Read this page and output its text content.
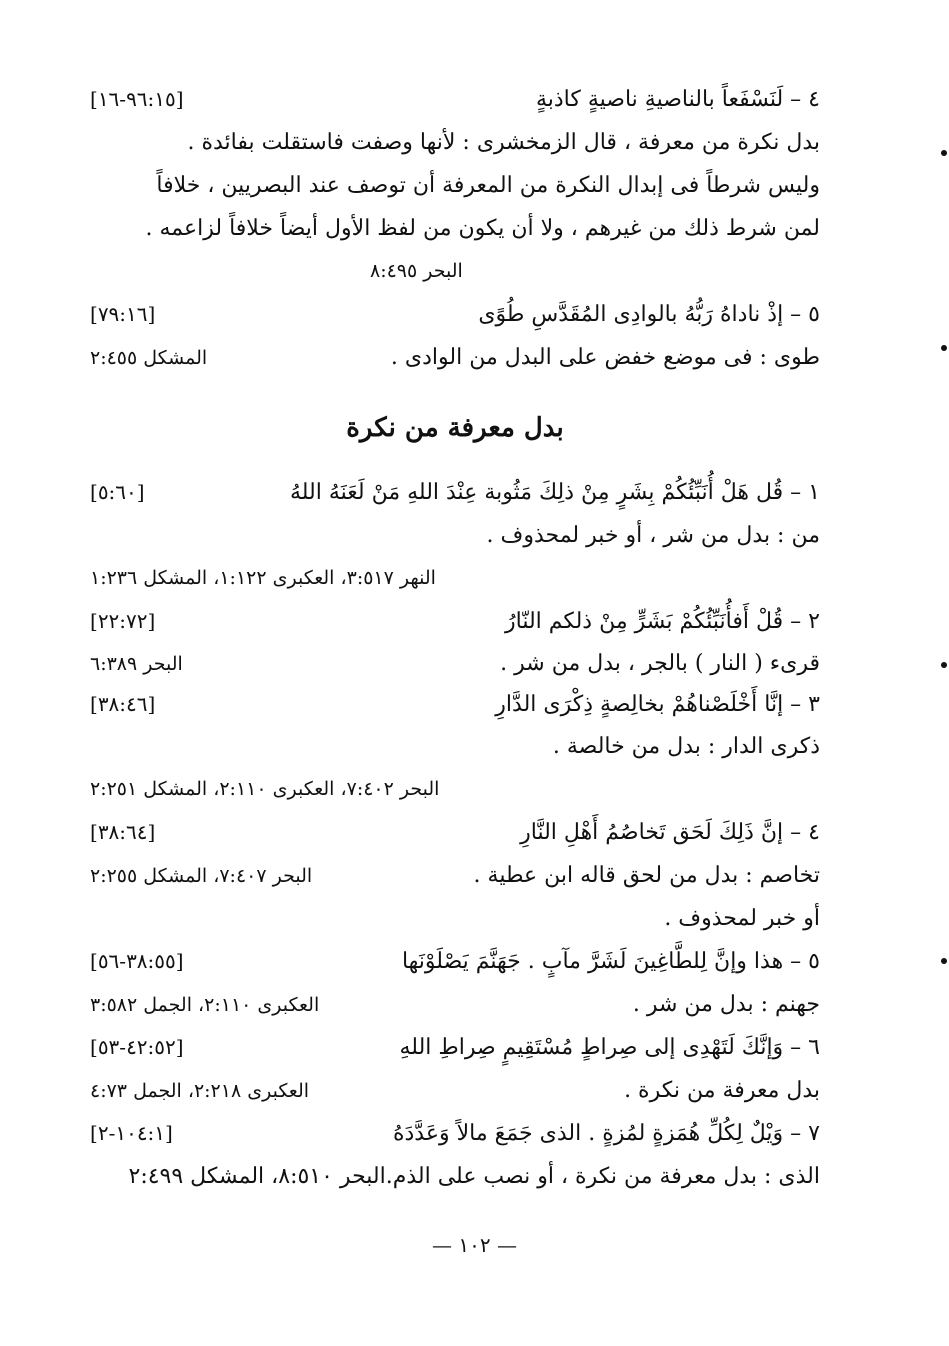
٤ – لَنَسْفَعاً بالناصيةِ ناصيةٍ كاذبةٍ
[٩٦:١٥-١٦]
بدل نكرة من معرفة ، قال الزمخشرى : لأنها وصفت فاستقلت بفائدة .
وليس شرطاً فى إبدال النكرة من المعرفة أن توصف عند البصريين ، خلافاً
لمن شرط ذلك من غيرهم ، ولا أن يكون من لفظ الأول أيضاً خلافاً لزاعمه .
البحر ٨:٤٩٥
٥ – إذْ ناداهُ رَبُّهُ بالوادِى المُقَدَّسِ طُوًى
[٧٩:١٦]
طوى : فى موضع خفض على البدل من الوادى .
المشكل ٢:٤٥٥
بدل معرفة من نكرة
١ – قُل هَلْ أُنَبِّئُكُمْ بِشَرٍ مِنْ ذلِكَ مَثُوبة عِنْدَ اللهِ مَنْ لَعَنَهُ اللهُ
[٥:٦٠]
من : بدل من شر ، أو خبر لمحذوف .
النهر ٣:٥١٧، العكبرى ١:١٢٢، المشكل ١:٢٣٦
٢ – قُلْ أَفأُنَبِّئُكُمْ بَشَرٍّ مِنْ ذلكم النّارُ
[٢٢:٧٢]
قرىء ( النار ) بالجر ، بدل من شر .
البحر ٦:٣٨٩
٣ – إنَّا أَخْلَصْناهُمْ بخالِصةٍ ذِكْرَى الدَّارِ
[٣٨:٤٦]
ذكرى الدار : بدل من خالصة .
البحر ٧:٤٠٢، العكبرى ٢:١١٠، المشكل ٢:٢٥١
٤ – إنَّ ذَلِكَ لَحَق تَخاصُمُ أَهْلِ النَّارِ
[٣٨:٦٤]
تخاصم : بدل من لحق قاله ابن عطية .
البحر ٧:٤٠٧، المشكل ٢:٢٥٥
أو خبر لمحذوف .
٥ – هذا وإنَّ لِلطَّاغِينَ لَشَرَّ مآبٍ . جَهَنَّمَ يَصْلَوْنَها
[٣٨:٥٥-٥٦]
جهنم : بدل من شر .
العكبرى ٢:١١٠، الجمل ٣:٥٨٢
٦ – وَإنَّكَ لَتَهْدِى إلى صِراطٍ مُسْتَقِيمٍ صِراطِ اللهِ
[٤٢:٥٢-٥٣]
بدل معرفة من نكرة .
العكبرى ٢:٢١٨، الجمل ٤:٧٣
٧ – وَيْلٌ لِكُلِّ هُمَزةٍ لمُزةٍ . الذى جَمَعَ مالاً وَعَدَّدَهُ
[١٠٤:١-٢]
الذى : بدل معرفة من نكرة ، أو نصب على الذم.البحر ٨:٥١٠، المشكل ٢:٤٩٩
— ١٠٢ —
